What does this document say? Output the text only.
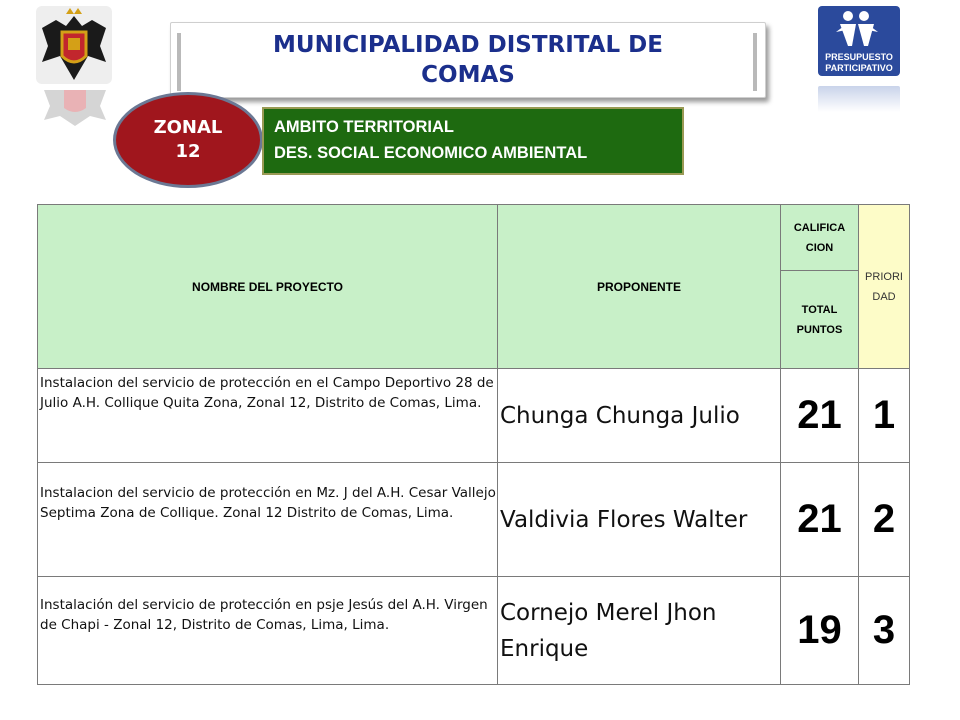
PRESUPUESTO
PARTICIPATIVO
MUNICIPALIDAD DISTRITAL DE COMAS
ZONAL
12
AMBITO TERRITORIAL
DES. SOCIAL ECONOMICO AMBIENTAL
NOMBRE DEL PROYECTO	PROPONENTE	CALIFICA CION	PRIORI DAD
		TOTAL PUNTOS	
Instalacion del servicio de protección en el Campo Deportivo 28 de Julio A.H. Collique Quita Zona, Zonal 12, Distrito de Comas, Lima.	Chunga Chunga Julio	21	1
Instalacion del servicio de protección en Mz. J del A.H. Cesar Vallejo Septima Zona de Collique. Zonal 12 Distrito de Comas, Lima.	Valdivia Flores Walter	21	2
Instalación del servicio de protección en psje Jesús del A.H. Virgen de Chapi - Zonal 12, Distrito de Comas, Lima, Lima.	Cornejo Merel Jhon Enrique	19	3
